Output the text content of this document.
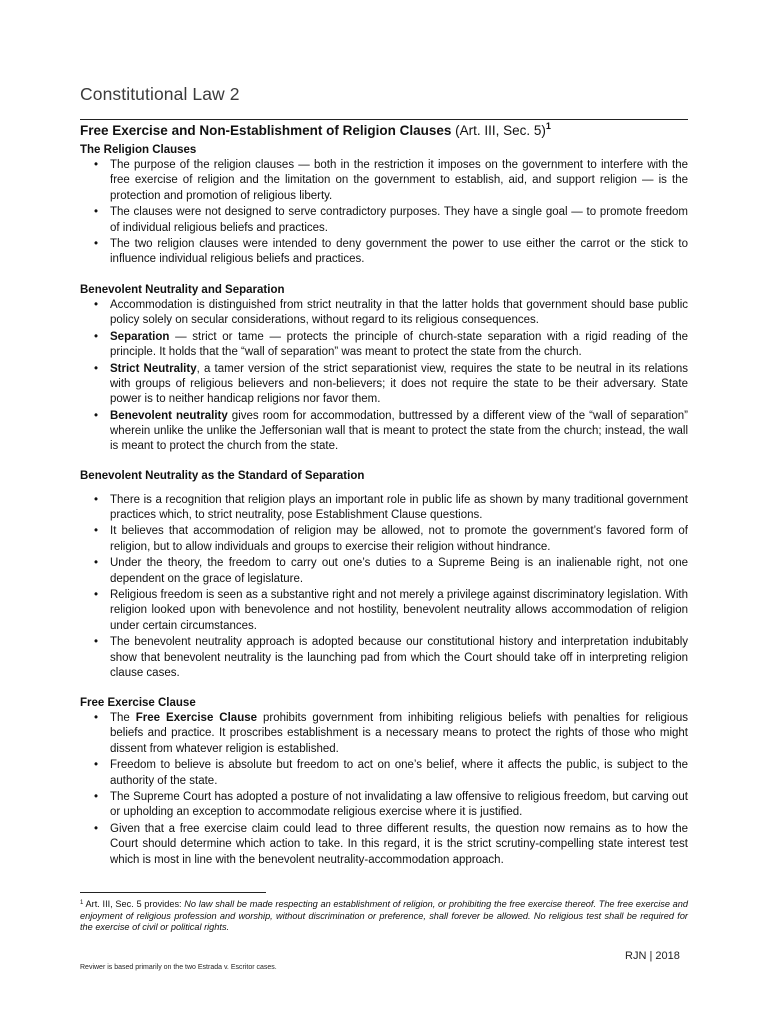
Constitutional Law 2
Free Exercise and Non-Establishment of Religion Clauses (Art. III, Sec. 5)$^1$
The Religion Clauses
• The purpose of the religion clauses — both in the restriction it imposes on the government to interfere with the free exercise of religion and the limitation on the government to establish, aid, and support religion — is the protection and promotion of religious liberty.
• The clauses were not designed to serve contradictory purposes. They have a single goal — to promote freedom of individual religious beliefs and practices.
• The two religion clauses were intended to deny government the power to use either the carrot or the stick to influence individual religious beliefs and practices.
Benevolent Neutrality and Separation
• Accommodation is distinguished from strict neutrality in that the latter holds that government should base public policy solely on secular considerations, without regard to its religious consequences.
• Separation — strict or tame — protects the principle of church-state separation with a rigid reading of the principle. It holds that the “wall of separation” was meant to protect the state from the church.
• Strict Neutrality, a tamer version of the strict separationist view, requires the state to be neutral in its relations with groups of religious believers and non-believers; it does not require the state to be their adversary. State power is to neither handicap religions nor favor them.
• Benevolent neutrality gives room for accommodation, buttressed by a different view of the “wall of separation” wherein unlike the unlike the Jeffersonian wall that is meant to protect the state from the church; instead, the wall is meant to protect the church from the state.
Benevolent Neutrality as the Standard of Separation
• There is a recognition that religion plays an important role in public life as shown by many traditional government practices which, to strict neutrality, pose Establishment Clause questions.
• It believes that accommodation of religion may be allowed, not to promote the government’s favored form of religion, but to allow individuals and groups to exercise their religion without hindrance.
• Under the theory, the freedom to carry out one’s duties to a Supreme Being is an inalienable right, not one dependent on the grace of legislature.
• Religious freedom is seen as a substantive right and not merely a privilege against discriminatory legislation. With religion looked upon with benevolence and not hostility, benevolent neutrality allows accommodation of religion under certain circumstances.
• The benevolent neutrality approach is adopted because our constitutional history and interpretation indubitably show that benevolent neutrality is the launching pad from which the Court should take off in interpreting religion clause cases.
Free Exercise Clause
• The Free Exercise Clause prohibits government from inhibiting religious beliefs with penalties for religious beliefs and practice. It proscribes establishment is a necessary means to protect the rights of those who might dissent from whatever religion is established.
• Freedom to believe is absolute but freedom to act on one’s belief, where it affects the public, is subject to the authority of the state.
• The Supreme Court has adopted a posture of not invalidating a law offensive to religious freedom, but carving out or upholding an exception to accommodate religious exercise where it is justified.
• Given that a free exercise claim could lead to three different results, the question now remains as to how the Court should determine which action to take. In this regard, it is the strict scrutiny-compelling state interest test which is most in line with the benevolent neutrality-accommodation approach.

$^1$ Art. III, Sec. 5 provides: No law shall be made respecting an establishment of religion, or prohibiting the free exercise thereof. The free exercise and enjoyment of religious profession and worship, without discrimination or preference, shall forever be allowed. No religious test shall be required for the exercise of civil or political rights.

RJN | 2018
Reviwer is based primarily on the two Estrada v. Escritor cases.
